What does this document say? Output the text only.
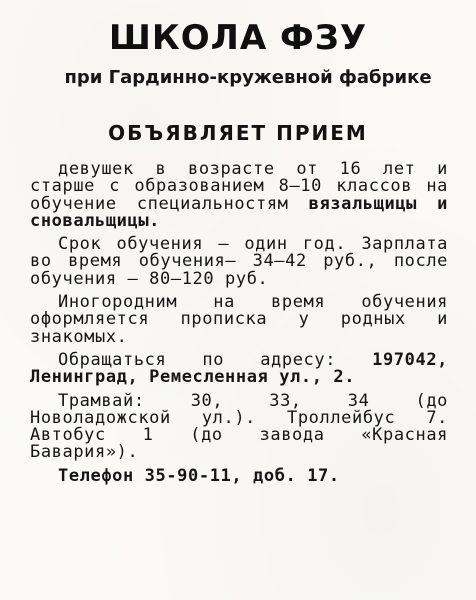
ШКОЛА ФЗУ
при Гардинно-кружевной фабрике
ОБЪЯВЛЯЕТ ПРИЕМ

девушек в возрасте от 16 лет и старше с образованием 8—10 классов на обучение специальностям вязальщицы и сновальщицы.

Срок обучения — один год. Зарплата во время обучения— 34—42 руб., после обучения — 80—120 руб.

Иногородним на время обучения оформляется прописка у родных и знакомых.

Обращаться по адресу: 197042, Ленинград, Ремесленная ул., 2.

Трамвай: 30, 33, 34 (до Новоладожской ул.). Троллейбус 7. Автобус 1 (до завода «Красная Бавария»).

Телефон 35-90-11, доб. 17.
